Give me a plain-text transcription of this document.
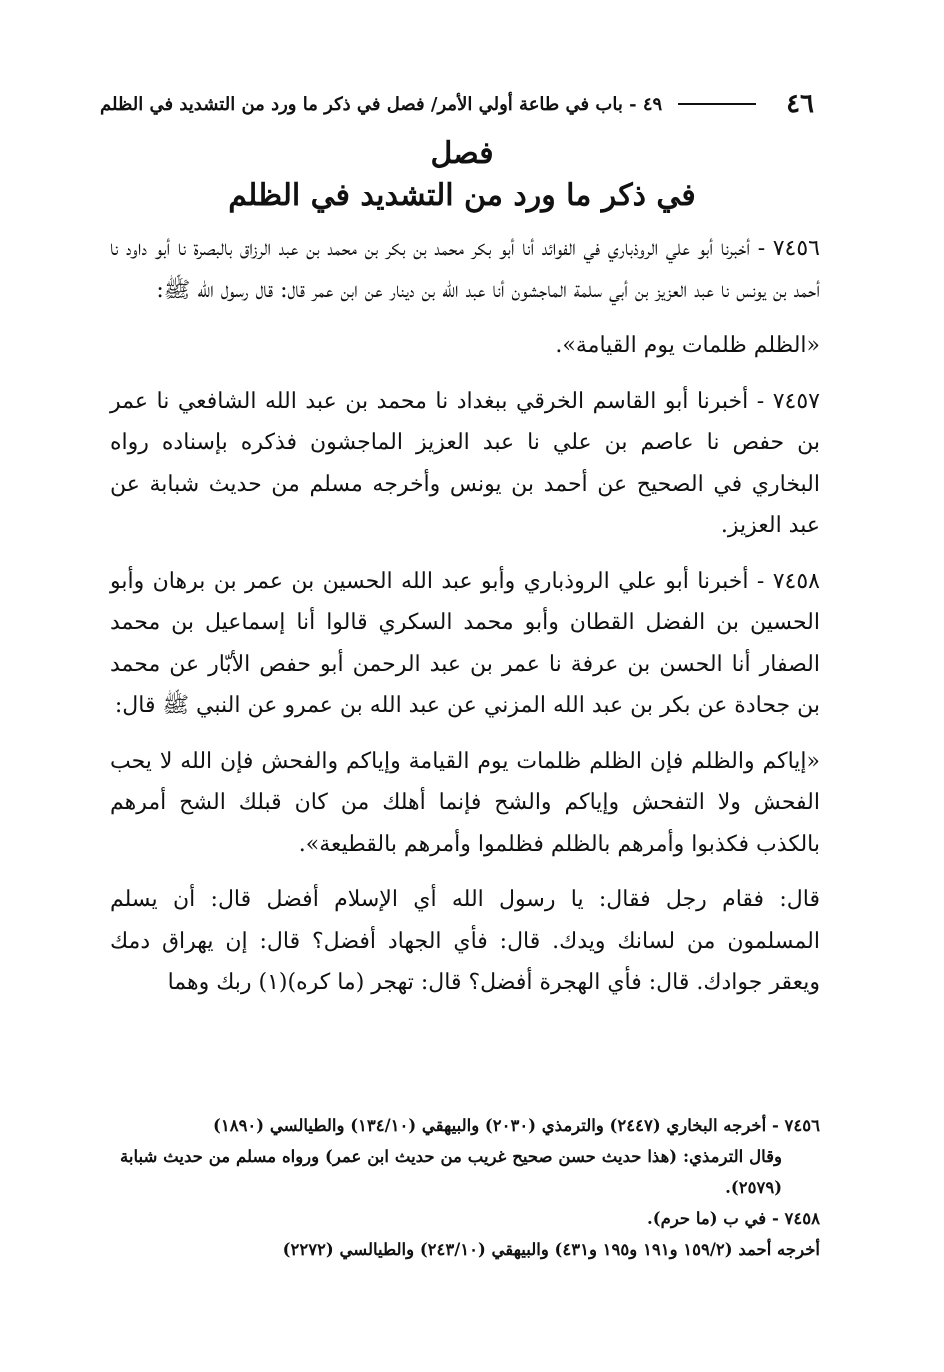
٤٦
٤٩ - باب في طاعة أولي الأمر/ فصل في ذكر ما ورد من التشديد في الظلم
فصل
في ذكر ما ورد من التشديد في الظلم

٧٤٥٦ - أخبرنا أبو علي الروذباري في الفوائد أنا أبو بكر محمد بن بكر بن محمد بن عبد الرزاق بالبصرة نا أبو داود نا أحمد بن يونس نا عبد العزيز بن أبي سلمة الماجشون أنا عبد الله بن دينار عن ابن عمر قال: قال رسول الله ﷺ:

«الظلم ظلمات يوم القيامة».

٧٤٥٧ - أخبرنا أبو القاسم الخرقي ببغداد نا محمد بن عبد الله الشافعي نا عمر بن حفص نا عاصم بن علي نا عبد العزيز الماجشون فذكره بإسناده رواه البخاري في الصحيح عن أحمد بن يونس وأخرجه مسلم من حديث شبابة عن عبد العزيز.

٧٤٥٨ - أخبرنا أبو علي الروذباري وأبو عبد الله الحسين بن عمر بن برهان وأبو الحسين بن الفضل القطان وأبو محمد السكري قالوا أنا إسماعيل بن محمد الصفار أنا الحسن بن عرفة نا عمر بن عبد الرحمن أبو حفص الأبّار عن محمد بن جحادة عن بكر بن عبد الله المزني عن عبد الله بن عمرو عن النبي ﷺ قال:

«إياكم والظلم فإن الظلم ظلمات يوم القيامة وإياكم والفحش فإن الله لا يحب الفحش ولا التفحش وإياكم والشح فإنما أهلك من كان قبلك الشح أمرهم بالكذب فكذبوا وأمرهم بالظلم فظلموا وأمرهم بالقطيعة».

قال: فقام رجل فقال: يا رسول الله أي الإسلام أفضل قال: أن يسلم المسلمون من لسانك ويدك. قال: فأي الجهاد أفضل؟ قال: إن يهراق دمك ويعقر جوادك. قال: فأي الهجرة أفضل؟ قال: تهجر (ما كره)(١) ربك وهما

٧٤٥٦ - أخرجه البخاري (٢٤٤٧) والترمذي (٢٠٣٠) والبيهقي (١٣٤/١٠) والطيالسي (١٨٩٠)

وقال الترمذي: (هذا حديث حسن صحيح غريب من حديث ابن عمر) ورواه مسلم من حديث شبابة (٢٥٧٩).

٧٤٥٨ - في ب (ما حرم).

أخرجه أحمد (١٥٩/٢ و١٩١ و١٩٥ و٤٣١) والبيهقي (٢٤٣/١٠) والطيالسي (٢٢٧٢)
